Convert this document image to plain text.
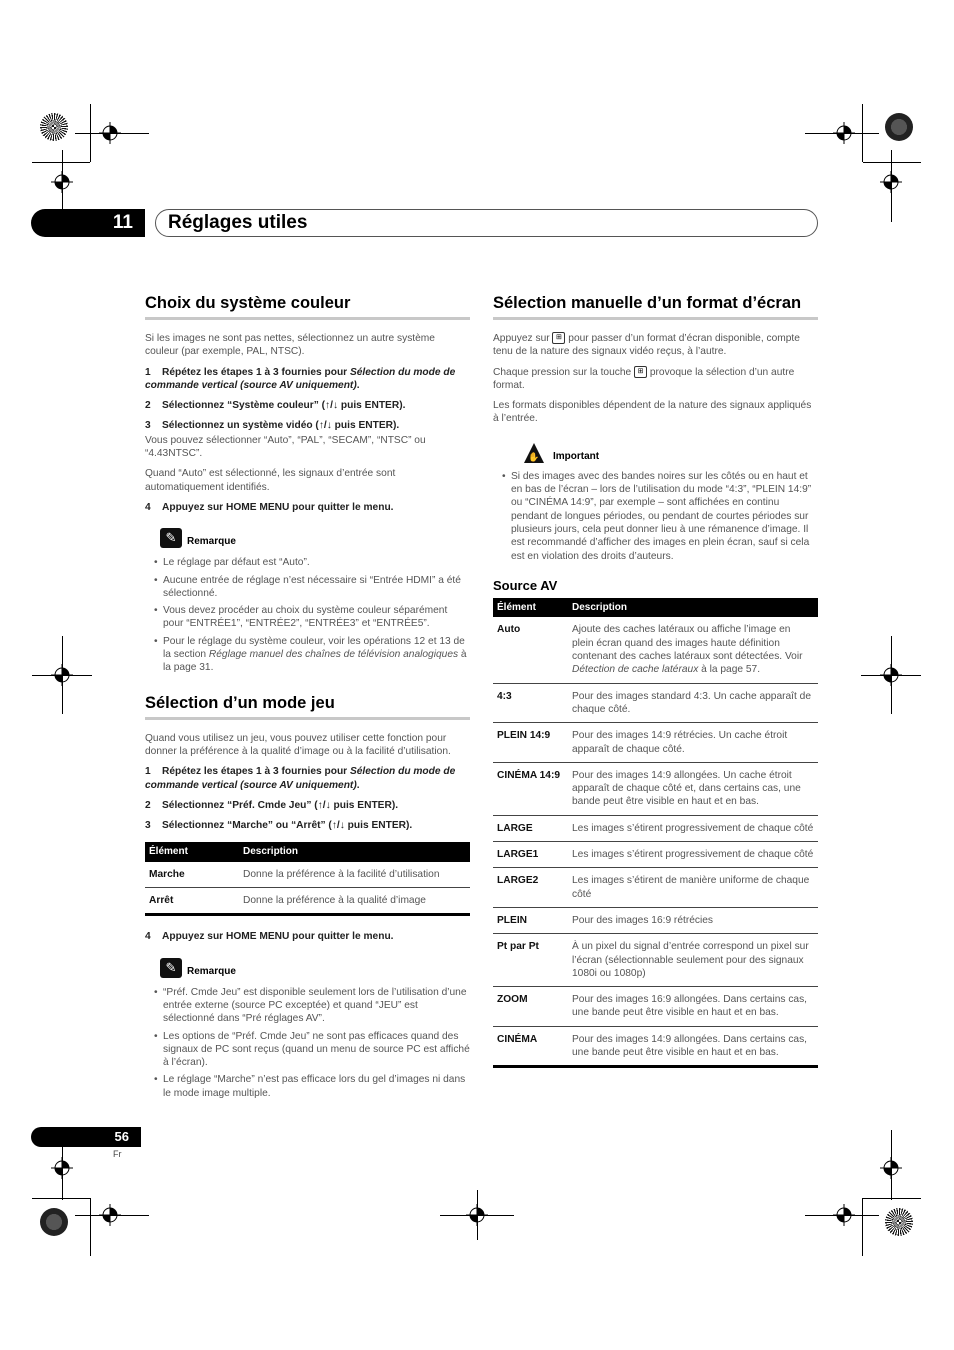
11	Réglages utiles
Choix du système couleur

Si les images ne sont pas nettes, sélectionnez un autre système couleur (par exemple, PAL, NTSC).

1 Répétez les étapes 1 à 3 fournies pour Sélection du mode de commande vertical (source AV uniquement).
2 Sélectionnez “Système couleur” (↑/↓ puis ENTER).
3 Sélectionnez un système vidéo (↑/↓ puis ENTER).

Vous pouvez sélectionner “Auto”, “PAL”, “SECAM”, “NTSC” ou “4.43NTSC”.

Quand “Auto” est sélectionné, les signaux d’entrée sont automatiquement identifiés.

4 Appuyez sur HOME MENU pour quitter le menu.
✎	Remarque
• Le réglage par défaut est “Auto”.
• Aucune entrée de réglage n’est nécessaire si “Entrée HDMI” a été sélectionné.
• Vous devez procéder au choix du système couleur séparément pour “ENTRÉE1”, “ENTRÉE2”, “ENTRÉE3” et “ENTRÉE5”.
• Pour le réglage du système couleur, voir les opérations 12 et 13 de la section Réglage manuel des chaînes de télévision analogiques à la page 31.
Sélection d’un mode jeu

Quand vous utilisez un jeu, vous pouvez utiliser cette fonction pour donner la préférence à la qualité d’image ou à la facilité d’utilisation.

1 Répétez les étapes 1 à 3 fournies pour Sélection du mode de commande vertical (source AV uniquement).
2 Sélectionnez “Préf. Cmde Jeu” (↑/↓ puis ENTER).
3 Sélectionnez “Marche” ou “Arrêt” (↑/↓ puis ENTER).
Élément	Description
Marche	Donne la préférence à la facilité d’utilisation
Arrêt	Donne la préférence à la qualité d’image
4 Appuyez sur HOME MENU pour quitter le menu.
✎	Remarque
• “Préf. Cmde Jeu” est disponible seulement lors de l’utilisation d’une entrée externe (source PC exceptée) et quand “JEU” est sélectionné dans “Pré réglages AV”.
• Les options de “Préf. Cmde Jeu” ne sont pas efficaces quand des signaux de PC sont reçus (quand un menu de source PC est affiché à l’écran).
• Le réglage “Marche” n’est pas efficace lors du gel d’images ni dans le mode image multiple.
Sélection manuelle d’un format d’écran

Appuyez sur ⊞ pour passer d’un format d’écran disponible, compte tenu de la nature des signaux vidéo reçus, à l’autre.

Chaque pression sur la touche ⊞ provoque la sélection d’un autre format.

Les formats disponibles dépendent de la nature des signaux appliqués à l’entrée.

✋ Important
• Si des images avec des bandes noires sur les côtés ou en haut et en bas de l’écran – lors de l’utilisation du mode “4:3”, “PLEIN 14:9” ou “CINÉMA 14:9”, par exemple – sont affichées en continu pendant de longues périodes, ou pendant de courtes périodes sur plusieurs jours, cela peut donner lieu à une rémanence d’image. Il est recommandé d’afficher des images en plein écran, sauf si cela est en violation des droits d’auteurs.
Source AV
Élément	Description
Auto	Ajoute des caches latéraux ou affiche l’image en plein écran quand des images haute définition contenant des caches latéraux sont détectées. Voir Détection de cache latéraux à la page 57.
4:3	Pour des images standard 4:3. Un cache apparaît de chaque côté.
PLEIN 14:9	Pour des images 14:9 rétrécies. Un cache étroit apparaît de chaque côté.
CINÉMA 14:9	Pour des images 14:9 allongées. Un cache étroit apparaît de chaque côté et, dans certains cas, une bande peut être visible en haut et en bas.
LARGE	Les images s’étirent progressivement de chaque côté
LARGE1	Les images s’étirent progressivement de chaque côté
LARGE2	Les images s’étirent de manière uniforme de chaque côté
PLEIN	Pour des images 16:9 rétrécies
Pt par Pt	À un pixel du signal d’entrée correspond un pixel sur l’écran (sélectionnable seulement pour des signaux 1080i ou 1080p)
ZOOM	Pour des images 16:9 allongées. Dans certains cas, une bande peut être visible en haut et en bas.
CINÉMA	Pour des images 14:9 allongées. Dans certains cas, une bande peut être visible en haut et en bas.
56
Fr
